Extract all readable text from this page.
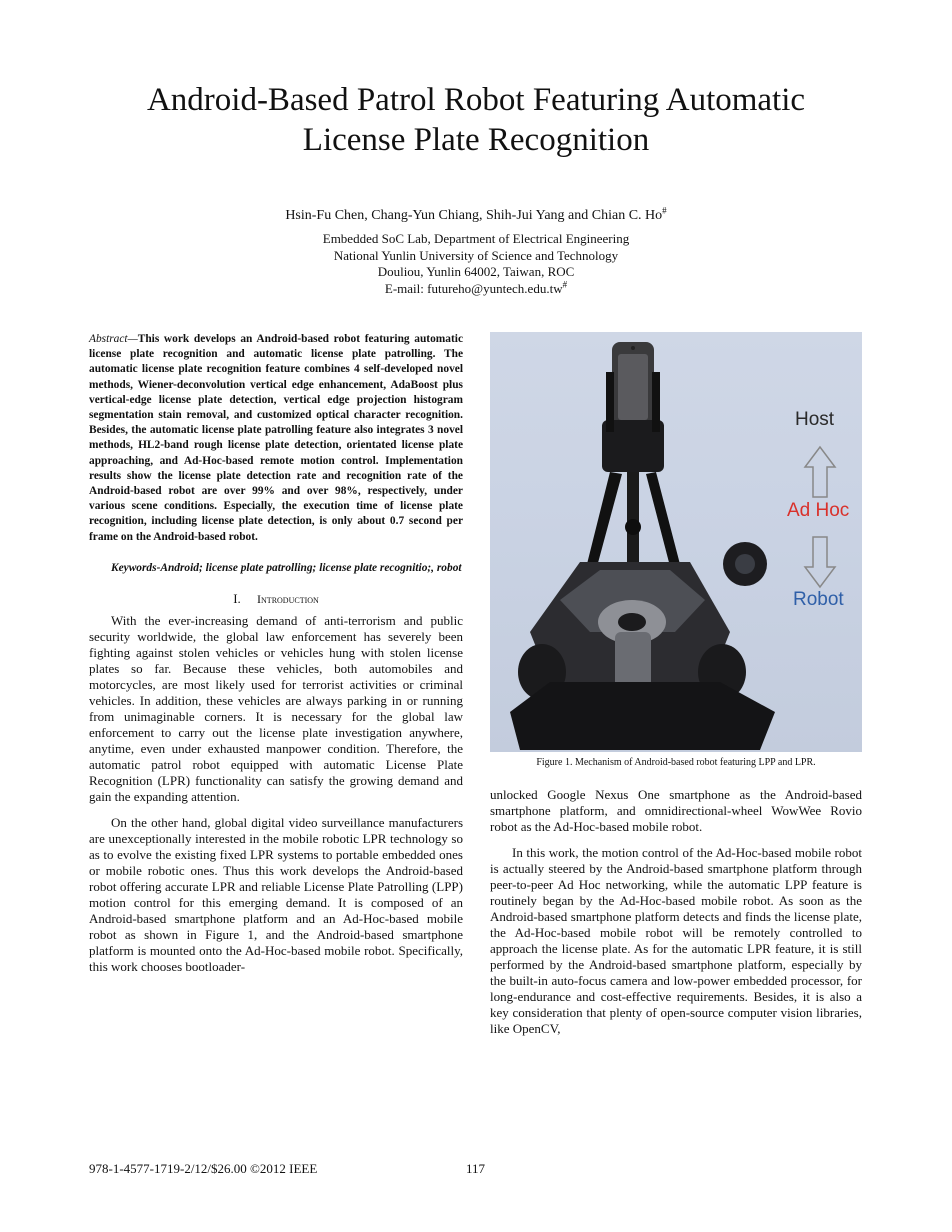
Android-Based Patrol Robot Featuring Automatic
License Plate Recognition
Hsin-Fu Chen, Chang-Yun Chiang, Shih-Jui Yang and Chian C. Ho#
Embedded SoC Lab, Department of Electrical Engineering
National Yunlin University of Science and Technology
Douliou, Yunlin 64002, Taiwan, ROC
E-mail: futureho@yuntech.edu.tw#

Abstract—This work develops an Android-based robot featuring automatic license plate recognition and automatic license plate patrolling. The automatic license plate recognition feature combines 4 self-developed novel methods, Wiener-deconvolution vertical edge enhancement, AdaBoost plus vertical-edge license plate detection, vertical edge projection histogram segmentation stain removal, and customized optical character recognition. Besides, the automatic license plate patrolling feature also integrates 3 novel methods, HL2-band rough license plate detection, orientated license plate approaching, and Ad-Hoc-based remote motion control. Implementation results show the license plate detection rate and recognition rate of the Android-based robot are over 99% and over 98%, respectively, under various scene conditions. Especially, the execution time of license plate recognition, including license plate detection, is only about 0.7 second per frame on the Android-based robot.

Keywords-Android; license plate patrolling; license plate recognitio;, robot

I. Introduction

With the ever-increasing demand of anti-terrorism and public security worldwide, the global law enforcement has severely been fighting against stolen vehicles or vehicles hung with stolen license plates so far. Because these vehicles, both automobiles and motorcycles, are most likely used for terrorist activities or criminal vehicles. In addition, these vehicles are always parking in or running from unimaginable corners. It is necessary for the global law enforcement to carry out the license plate investigation anywhere, anytime, even under exhausted manpower condition. Therefore, the automatic patrol robot equipped with automatic License Plate Recognition (LPR) functionality can satisfy the growing demand and gain the expanding attention.

On the other hand, global digital video surveillance manufacturers are unexceptionally interested in the mobile robotic LPR technology so as to evolve the existing fixed LPR systems to portable embedded ones or mobile robotic ones. Thus this work develops the Android-based robot offering accurate LPR and reliable License Plate Patrolling (LPP) motion control for this emerging demand. It is composed of an Android-based smartphone platform and an Ad-Hoc-based mobile robot as shown in Figure 1, and the Android-based smartphone platform is mounted onto the Ad-Hoc-based mobile robot. Specifically, this work chooses bootloader-

Host
Ad Hoc
Robot
Figure 1. Mechanism of Android-based robot featuring LPP and LPR.

unlocked Google Nexus One smartphone as the Android-based smartphone platform, and omnidirectional-wheel WowWee Rovio robot as the Ad-Hoc-based mobile robot.

In this work, the motion control of the Ad-Hoc-based mobile robot is actually steered by the Android-based smartphone platform through peer-to-peer Ad Hoc networking, while the automatic LPP feature is routinely began by the Ad-Hoc-based mobile robot. As soon as the Android-based smartphone platform detects and finds the license plate, the Ad-Hoc-based mobile robot will be remotely controlled to approach the license plate. As for the automatic LPR feature, it is still performed by the Android-based smartphone platform, especially by the built-in auto-focus camera and low-power embedded processor, for long-endurance and cost-effective requirements. Besides, it is also a key consideration that plenty of open-source computer vision libraries, like OpenCV,

978-1-4577-1719-2/12/$26.00 ©2012 IEEE	117
